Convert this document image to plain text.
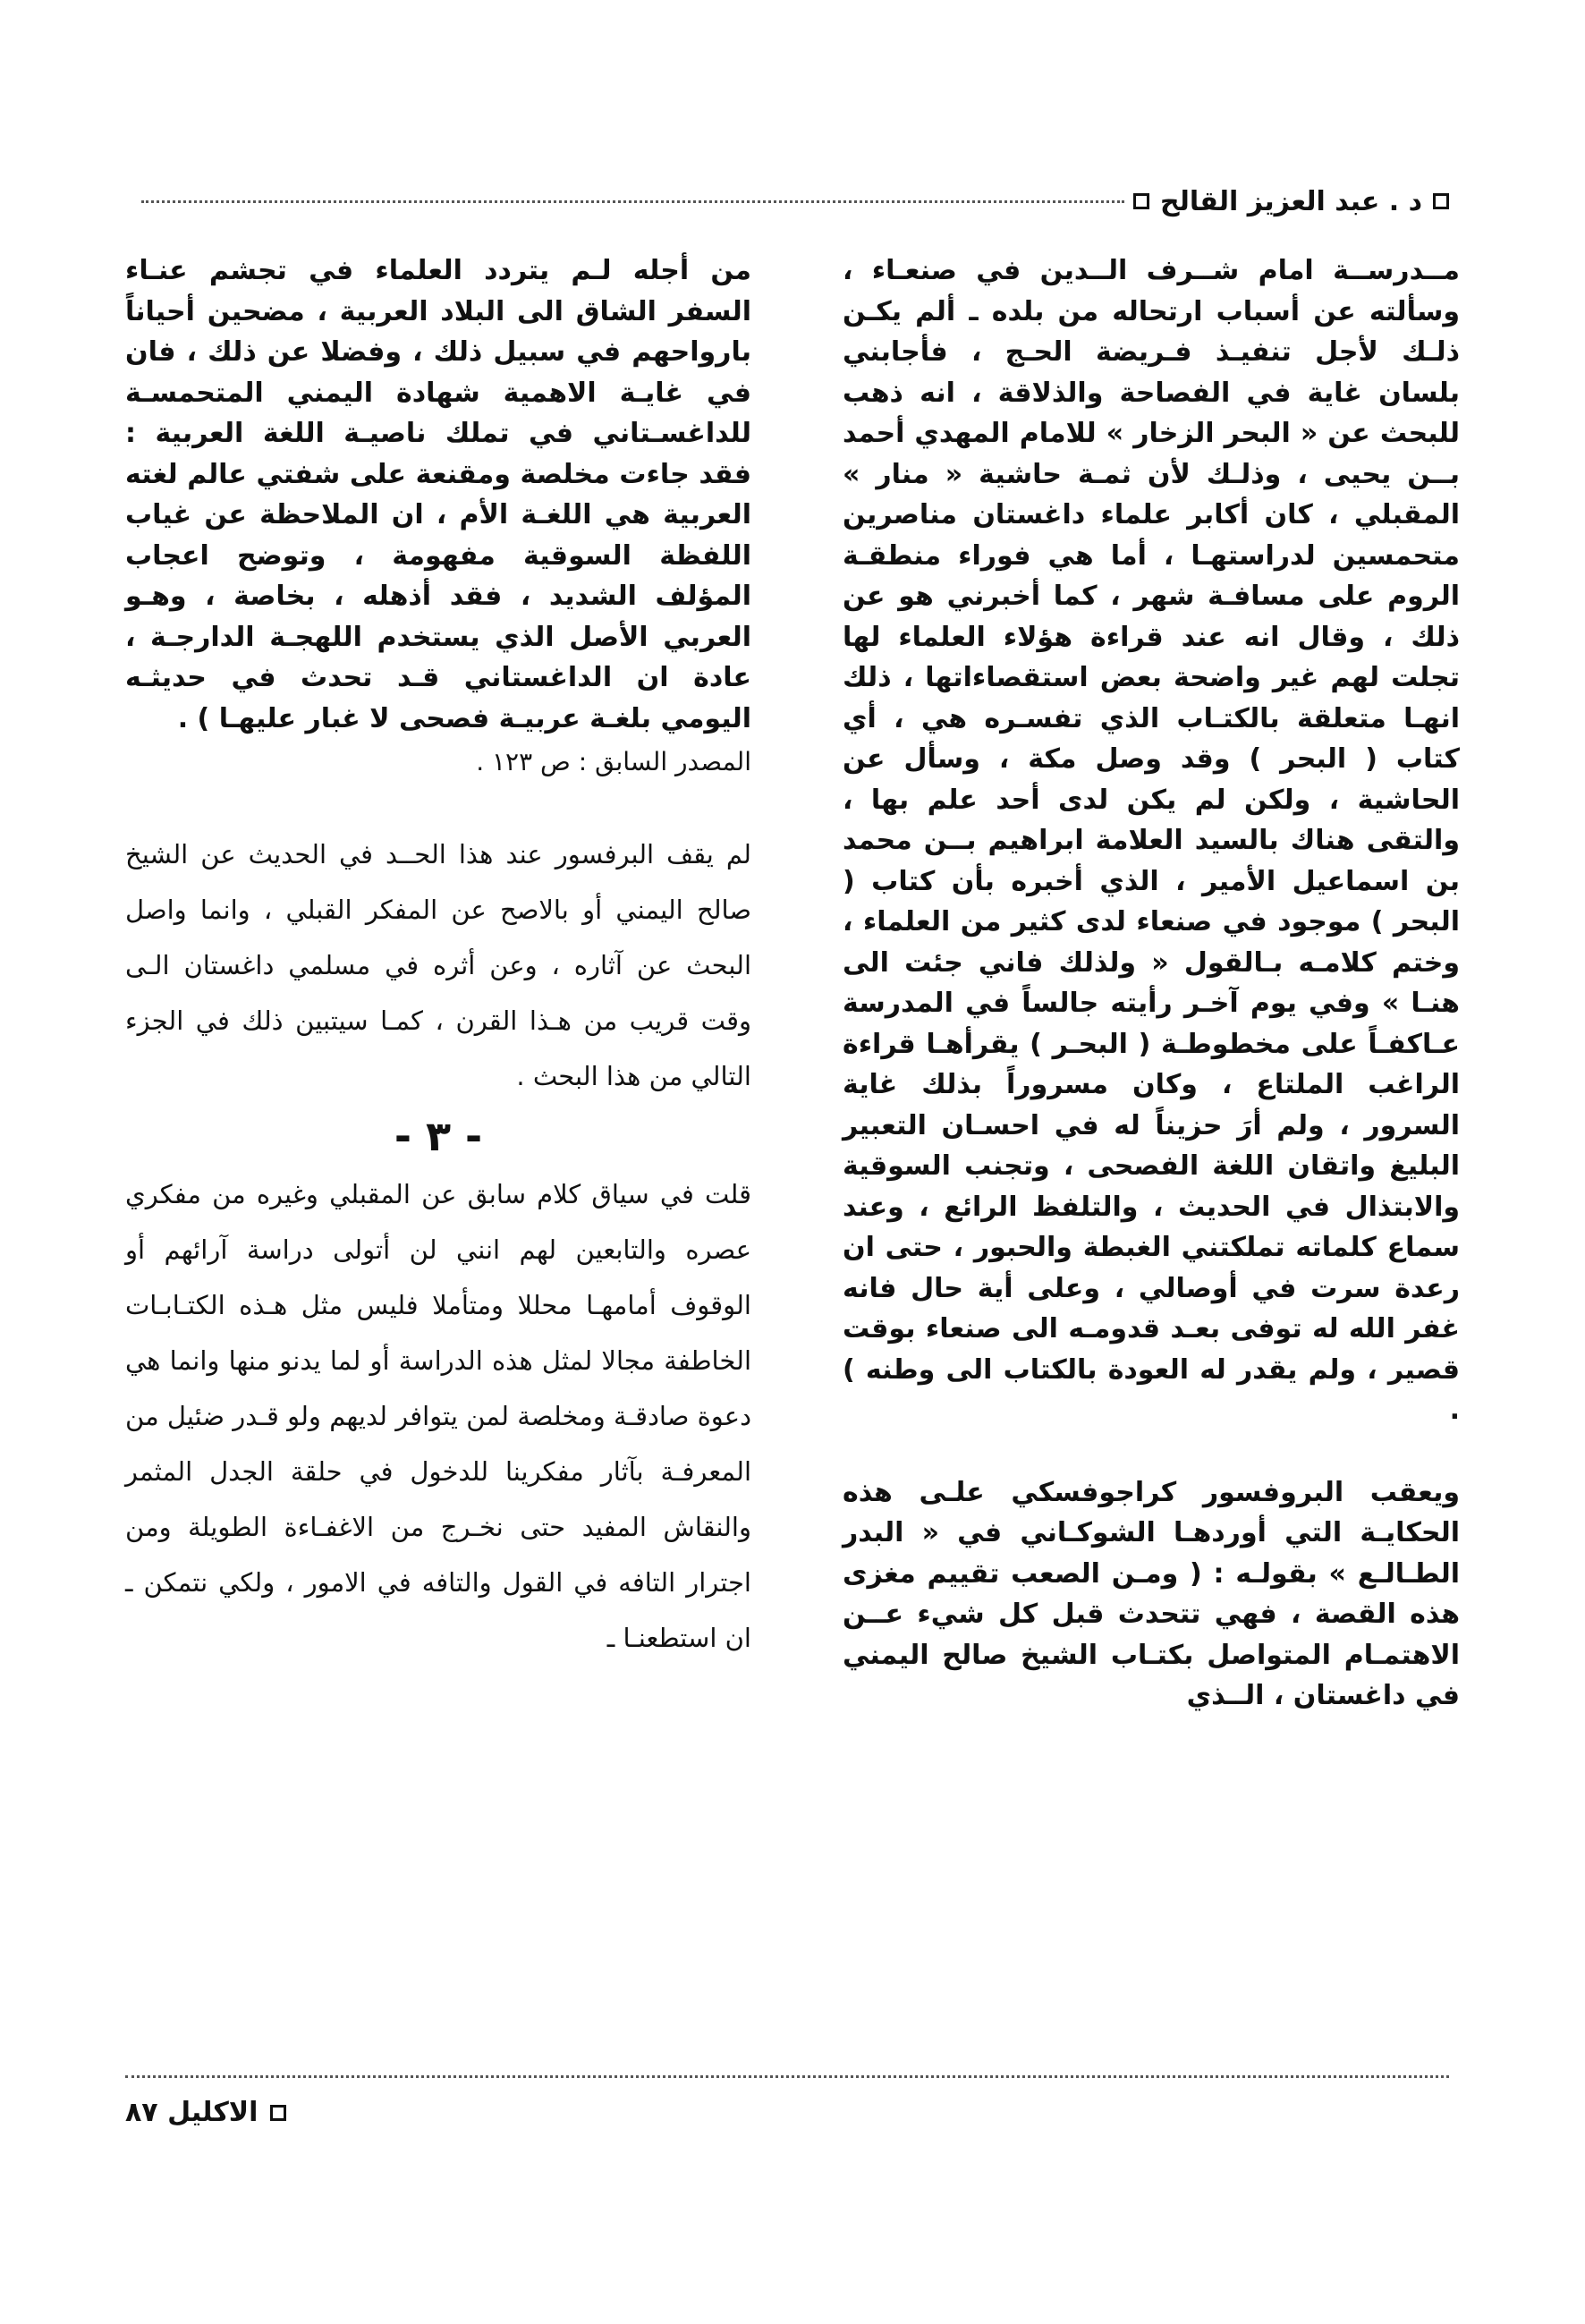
د . عبد العزيز القالح

مــدرســة امام شــرف الــدين في صنعـاء ، وسألته عن أسباب ارتحاله من بلده ـ ألم يكـن ذلـك لأجل تنفيـذ فـريضة الحـج ، فأجابني بلسان غاية في الفصاحة والذلاقة ، انه ذهب للبحث عن « البحر الزخار » للامام المهدي أحمد بــن يحيى ، وذلـك لأن ثمـة حاشية « منار » المقبلي ، كان أكابر علماء داغستان مناصرين متحمسين لدراستهـا ، أما هي فوراء منطقـة الروم على مسافـة شهر ، كما أخبرني هو عن ذلك ، وقال انه عند قراءة هؤلاء العلماء لها تجلت لهم غير واضحة بعض استقصاءاتها ، ذلك انهـا متعلقة بالكتـاب الذي تفسـره هي ، أي كتاب ( البحر ) وقد وصل مكة ، وسأل عن الحاشية ، ولكن لم يكن لدى أحد علم بها ، والتقى هناك بالسيد العلامة ابراهيم بــن محمد بن اسماعيل الأمير ، الذي أخبره بأن كتاب ( البحر ) موجود في صنعاء لدى كثير من العلماء ، وختم كلامـه بـالقول « ولذلك فاني جئت الى هنـا » وفي يوم آخـر رأيته جالساً في المدرسة عـاكفـاً على مخطوطـة ( البحـر ) يقرأهـا قراءة الراغب الملتاع ، وكان مسروراً بذلك غاية السرور ، ولم أرَ حزيناً له في احسـان التعبير البليغ واتقان اللغة الفصحى ، وتجنب السوقية والابتذال في الحديث ، والتلفظ الرائع ، وعند سماع كلماته تملكتني الغبطة والحبور ، حتى ان رعدة سرت في أوصالي ، وعلى أية حال فانه غفر الله له توفى بعـد قدومـه الى صنعاء بوقت قصير ، ولم يقدر له العودة بالكتاب الى وطنه ) .

ويعقب البروفسور كراجوفسكي علـى هذه الحكايـة التي أوردهـا الشوكـاني في « البدر الطـالـع » بقولـه : ( ومـن الصعب تقييم مغزى هذه القصة ، فهي تتحدث قبل كل شيء عــن الاهتمـام المتواصل بكتـاب الشيخ صالح اليمني في داغستان ، الــذي

من أجله لـم يتردد العلماء في تجشم عنـاء السفر الشاق الى البلاد العربية ، مضحين أحياناً بارواحهم في سبيل ذلك ، وفضلا عن ذلك ، فان في غايـة الاهمية شهادة اليمني المتحمسـة للداغسـتاني في تملك ناصيـة اللغة العربية : فقد جاءت مخلصة ومقنعة على شفتي عالم لغته العربية هي اللغـة الأم ، ان الملاحظة عن غياب اللفظة السوقية مفهومة ، وتوضح اعجاب المؤلف الشديد ، فقد أذهله ، بخاصة ، وهـو العربي الأصل الذي يستخدم اللهجـة الدارجـة ، عادة ان الداغستاني قـد تحدث في حديثـه اليومي بلغـة عربيـة فصحى لا غبار عليهـا ) .

المصدر السابق : ص ١٢٣ .

لم يقف البرفسور عند هذا الحــد في الحديث عن الشيخ صالح اليمني أو بالاصح عن المفكر القبلي ، وانما واصل البحث عن آثاره ، وعن أثره في مسلمي داغستان الـى وقت قريب من هـذا القرن ، كمـا سيتبين ذلك في الجزء التالي من هذا البحث .

- ٣ -

قلت في سياق كلام سابق عن المقبلي وغيره من مفكري عصره والتابعين لهم انني لن أتولى دراسة آرائهم أو الوقوف أمامهـا محللا ومتأملا فليس مثل هـذه الكتـابـات الخاطفة مجالا لمثل هذه الدراسة أو لما يدنو منها وانما هي دعوة صادقـة ومخلصة لمن يتوافر لديهم ولو قـدر ضئيل من المعرفـة بآثار مفكرينا للدخول في حلقة الجدل المثمر والنقاش المفيد حتى نخـرج من الاغفـاءة الطويلة ومن اجترار التافه في القول والتافه في الامور ، ولكي نتمكن ـ ان استطعنـا ـ

الاكليل ٨٧
